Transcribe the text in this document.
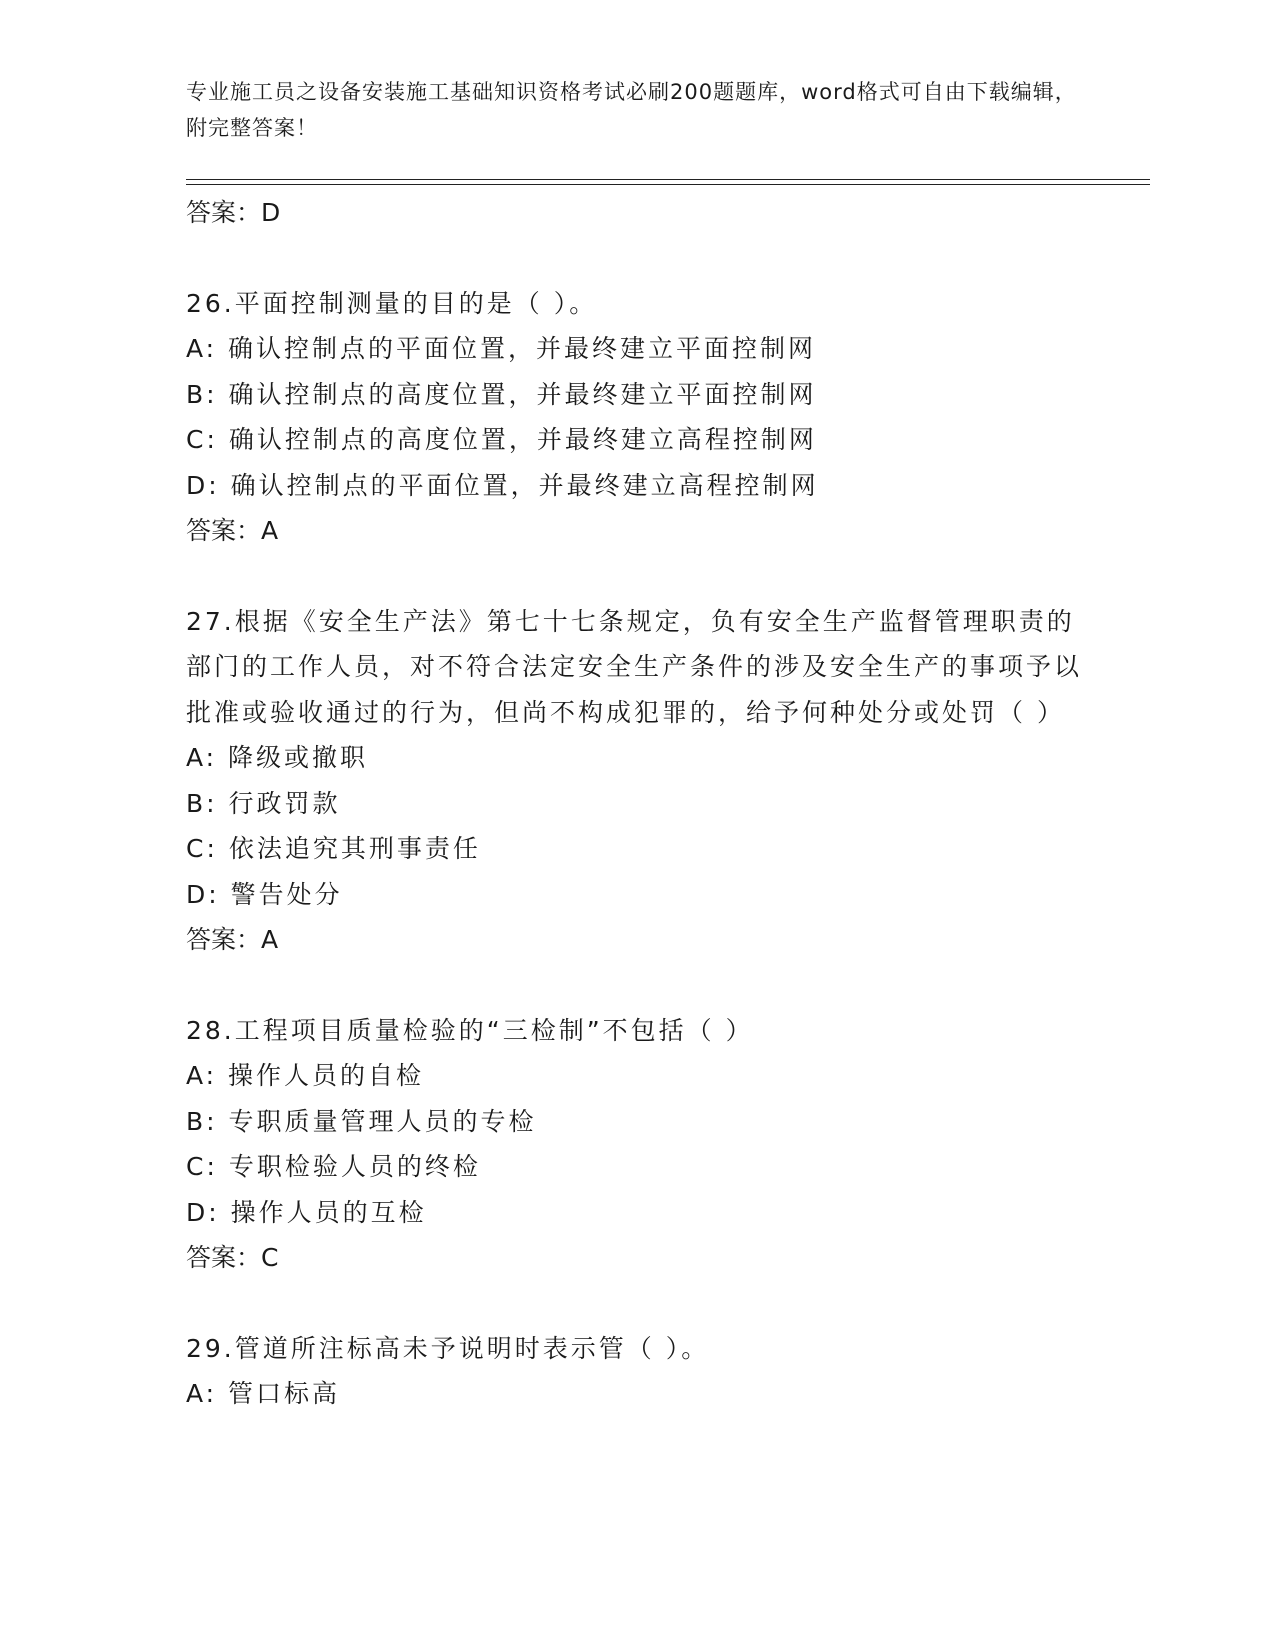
专业施工员之设备安装施工基础知识资格考试必刷200题题库，word格式可自由下载编辑，附完整答案！
答案：D
26.平面控制测量的目的是（ ）。
A: 确认控制点的平面位置，并最终建立平面控制网
B: 确认控制点的高度位置，并最终建立平面控制网
C: 确认控制点的高度位置，并最终建立高程控制网
D: 确认控制点的平面位置，并最终建立高程控制网
答案：A
27.根据《安全生产法》第七十七条规定，负有安全生产监督管理职责的部门的工作人员，对不符合法定安全生产条件的涉及安全生产的事项予以批准或验收通过的行为，但尚不构成犯罪的，给予何种处分或处罚（ ）
A: 降级或撤职
B: 行政罚款
C: 依法追究其刑事责任
D: 警告处分
答案：A
28.工程项目质量检验的“三检制”不包括（ ）
A: 操作人员的自检
B: 专职质量管理人员的专检
C: 专职检验人员的终检
D: 操作人员的互检
答案：C
29.管道所注标高未予说明时表示管（ ）。
A: 管口标高
